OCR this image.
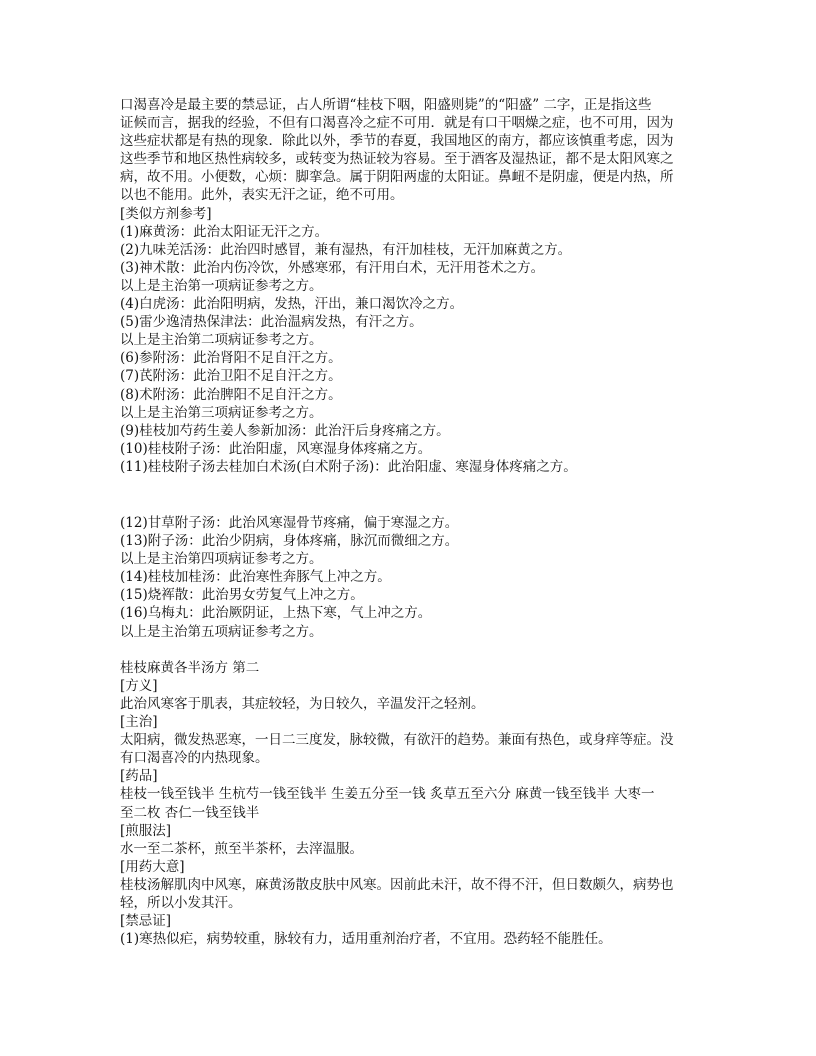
口渴喜冷是最主要的禁忌证，占人所谓“桂枝下咽，阳盛则毙”的“阳盛” 二字，正是指这些
证候而言，据我的经验，不但有口渴喜冷之症不可用．就是有口干咽燥之症，也不可用，因为
这些症状都是有热的现象．除此以外，季节的春夏，我国地区的南方，都应该慎重考虑，因为
这些季节和地区热性病较多，或转变为热证较为容易。至于酒客及湿热证，都不是太阳风寒之
病，故不用。小便数，心烦：脚挛急。属于阴阳两虚的太阳证。鼻衄不是阴虚，便是内热，所
以也不能用。此外，表实无汗之证，绝不可用。
[类似方剂参考]
(1)麻黄汤：此治太阳证无汗之方。
(2)九味羌活汤：此治四时感冒，兼有湿热，有汗加桂枝，无汗加麻黄之方。
(3)神术散：此治内伤冷饮，外感寒邪，有汗用白术，无汗用苍术之方。
以上是主治第一项病证参考之方。
(4)白虎汤：此治阳明病，发热，汗出，兼口渴饮冷之方。
(5)雷少逸清热保津法：此治温病发热，有汗之方。
以上是主治第二项病证参考之方。
(6)参附汤：此治肾阳不足自汗之方。
(7)芪附汤：此治卫阳不足自汗之方。
(8)术附汤：此治脾阳不足自汗之方。
以上是主治第三项病证参考之方。
(9)桂枝加芍药生姜人参新加汤：此治汗后身疼痛之方。
(10)桂枝附子汤：此治阳虚，风寒湿身体疼痛之方。
(11)桂枝附子汤去桂加白术汤(白术附子汤)：此治阳虚、寒湿身体疼痛之方。
(12)甘草附子汤：此治风寒湿骨节疼痛，偏于寒湿之方。
(13)附子汤：此治少阴病，身体疼痛，脉沉而微细之方。
以上是主治第四项病证参考之方。
(14)桂枝加桂汤：此治寒性奔豚气上冲之方。
(15)烧裈散：此治男女劳复气上冲之方。
(16)乌梅丸：此治厥阴证，上热下寒，气上冲之方。
以上是主治第五项病证参考之方。
桂枝麻黄各半汤方 第二
[方义]
此治风寒客于肌表，其症较轻，为日较久，辛温发汗之轻剂。
[主治]
太阳病，微发热恶寒，一日二三度发，脉较微，有欲汗的趋势。兼面有热色，或身痒等症。没
有口渴喜冷的内热现象。
[药品]
桂枝一钱至钱半 生杭芍一钱至钱半 生姜五分至一钱 炙草五至六分 麻黄一钱至钱半 大枣一
至二枚 杏仁一钱至钱半
[煎服法]
水一至二茶杯，煎至半茶杯，去滓温服。
[用药大意]
桂枝汤解肌肉中风寒，麻黄汤散皮肤中风寒。因前此未汗，故不得不汗，但日数颇久，病势也
轻，所以小发其汗。
[禁忌证]
(1)寒热似疟，病势较重，脉较有力，适用重剂治疗者，不宜用。恐药轻不能胜任。
